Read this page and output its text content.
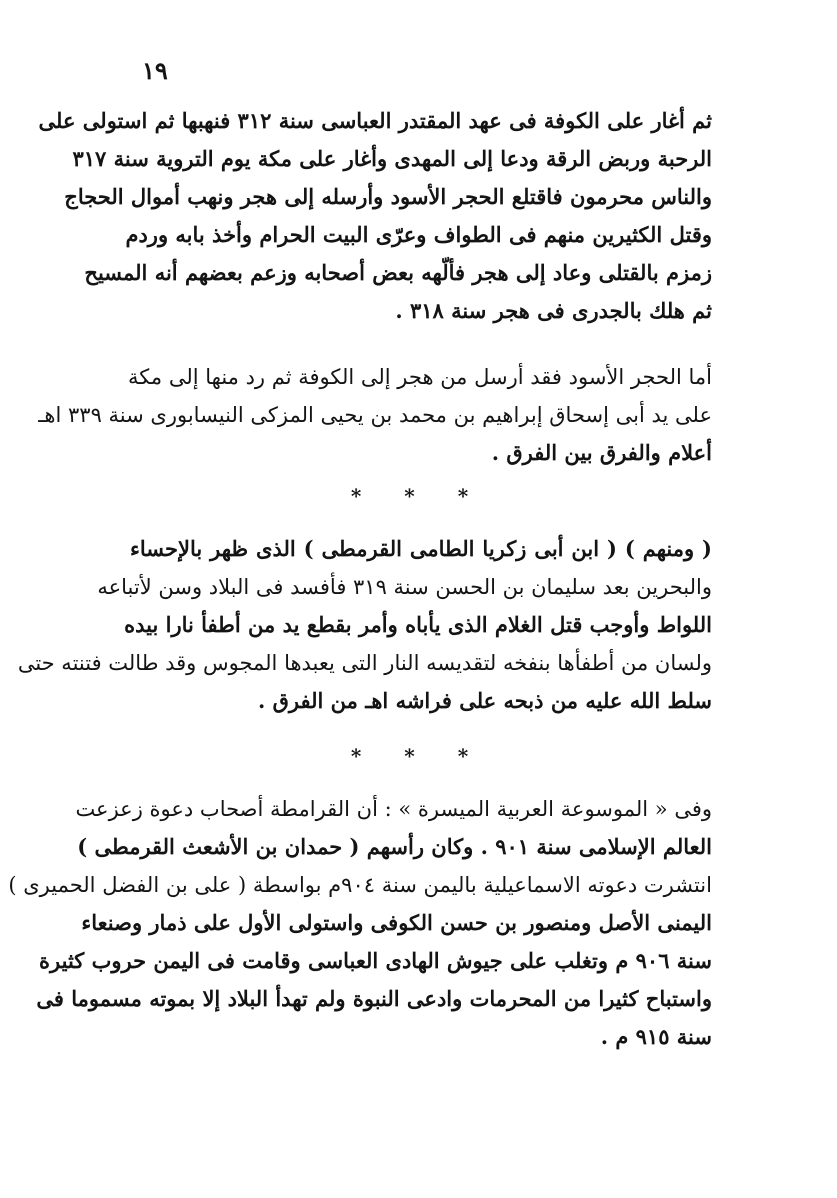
١٩
ثم أغار على الكوفة فى عهد المقتدر العباسى سنة ٣١٢ فنهبها ثم استولى على
الرحبة وربض الرقة ودعا إلى المهدى وأغار على مكة يوم التروية سنة ٣١٧
والناس محرمون فاقتلع الحجر الأسود وأرسله إلى هجر ونهب أموال الحجاج
وقتل الكثيرين منهم فى الطواف وعرّى البيت الحرام وأخذ بابه وردم
زمزم بالقتلى وعاد إلى هجر فألّهه بعض أصحابه وزعم بعضهم أنه المسيح
ثم هلك بالجدرى فى هجر سنة ٣١٨ .
أما الحجر الأسود فقد أرسل من هجر إلى الكوفة ثم رد منها إلى مكة
على يد أبى إسحاق إبراهيم بن محمد بن يحيى المزكى النيسابورى سنة ٣٣٩ اهـ
أعلام والفرق بين الفرق .
* * *
( ومنهم ) ( ابن أبى زكريا الطامى القرمطى ) الذى ظهر بالإحساء
والبحرين بعد سليمان بن الحسن سنة ٣١٩ فأفسد فى البلاد وسن لأتباعه
اللواط وأوجب قتل الغلام الذى يأباه وأمر بقطع يد من أطفأ نارا بيده
ولسان من أطفأها بنفخه لتقديسه النار التى يعبدها المجوس وقد طالت فتنته حتى
سلط الله عليه من ذبحه على فراشه اهـ من الفرق .
* * *
وفى « الموسوعة العربية الميسرة » : أن القرامطة أصحاب دعوة زعزعت
العالم الإسلامى سنة ٩٠١ . وكان رأسهم ( حمدان بن الأشعث القرمطى )
انتشرت دعوته الاسماعيلية باليمن سنة ٩٠٤م بواسطة ( على بن الفضل الحميرى )
اليمنى الأصل ومنصور بن حسن الكوفى واستولى الأول على ذمار وصنعاء
سنة ٩٠٦ م وتغلب على جيوش الهادى العباسى وقامت فى اليمن حروب كثيرة
واستباح كثيرا من المحرمات وادعى النبوة ولم تهدأ البلاد إلا بموته مسموما فى
سنة ٩١٥ م .
